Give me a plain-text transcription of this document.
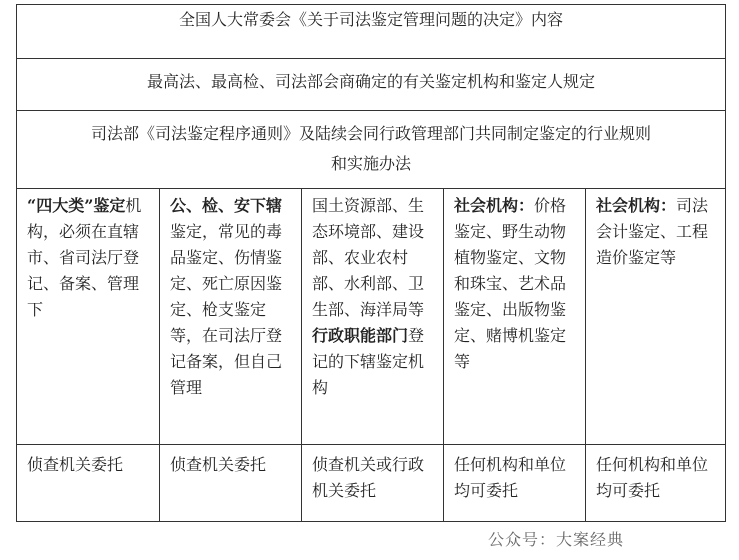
全国人大常委会《关于司法鉴定管理问题的决定》内容
最高法、最高检、司法部会商确定的有关鉴定机构和鉴定人规定
司法部《司法鉴定程序通则》及陆续会同行政管理部门共同制定鉴定的行业规则
和实施办法
“四大类”鉴定机构，必须在直辖市、省司法厅登记、备案、管理下
侦查机关委托
公、检、安下辖鉴定，常见的毒品鉴定、伤情鉴定、死亡原因鉴定、枪支鉴定等，在司法厅登记备案，但自己管理
侦查机关委托
国土资源部、生态环境部、建设部、农业农村部、水利部、卫生部、海洋局等行政职能部门登记的下辖鉴定机构
侦查机关或行政机关委托
社会机构：价格鉴定、野生动物植物鉴定、文物和珠宝、艺术品鉴定、出版物鉴定、赌博机鉴定等
任何机构和单位均可委托
社会机构：司法会计鉴定、工程造价鉴定等
任何机构和单位均可委托
公众号：大案经典
